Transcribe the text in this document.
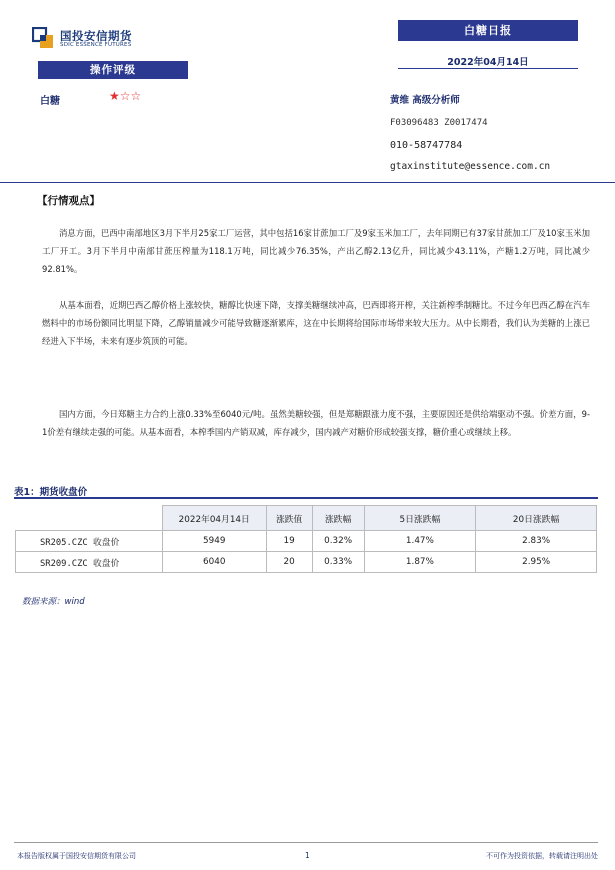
国投安信期货
SDIC ESSENCE FUTURES
白糖日报
2022年04月14日
操作评级
白糖	★☆☆	黄维 高级分析师
F03096483 Z0017474
010-58747784
gtaxinstitute@essence.com.cn
【行情观点】

消息方面，巴西中南部地区3月下半月25家工厂运营，其中包括16家甘蔗加工厂及9家玉米加工厂，去年同期已有37家甘蔗加工厂及10家玉米加工厂开工。3月下半月中南部甘蔗压榨量为118.1万吨，同比减少76.35%，产出乙醇2.13亿升，同比减少43.11%，产糖1.2万吨，同比减少92.81%。

从基本面看，近期巴西乙醇价格上涨较快，糖醇比快速下降，支撑美糖继续冲高，巴西即将开榨，关注新榨季制糖比。不过今年巴西乙醇在汽车燃料中的市场份额同比明显下降，乙醇销量减少可能导致糖逐渐累库，这在中长期将给国际市场带来较大压力。从中长期看，我们认为美糖的上涨已经进入下半场，未来有逐步筑顶的可能。

国内方面，今日郑糖主力合约上涨0.33%至6040元/吨。虽然美糖较强，但是郑糖跟涨力度不强，主要原因还是供给端驱动不强。价差方面，9-1价差有继续走强的可能。从基本面看，本榨季国内产销双减，库存减少，国内减产对糖价形成较强支撑，糖价重心或继续上移。

表1：期货收盘价
	2022年04月14日	涨跌值	涨跌幅	5日涨跌幅	20日涨跌幅
SR205.CZC 收盘价	5949	19	0.32%	1.47%	2.83%
SR209.CZC 收盘价	6040	20	0.33%	1.87%	2.95%
数据来源：wind
本报告版权属于国投安信期货有限公司	1	不可作为投资依据，转载请注明出处
